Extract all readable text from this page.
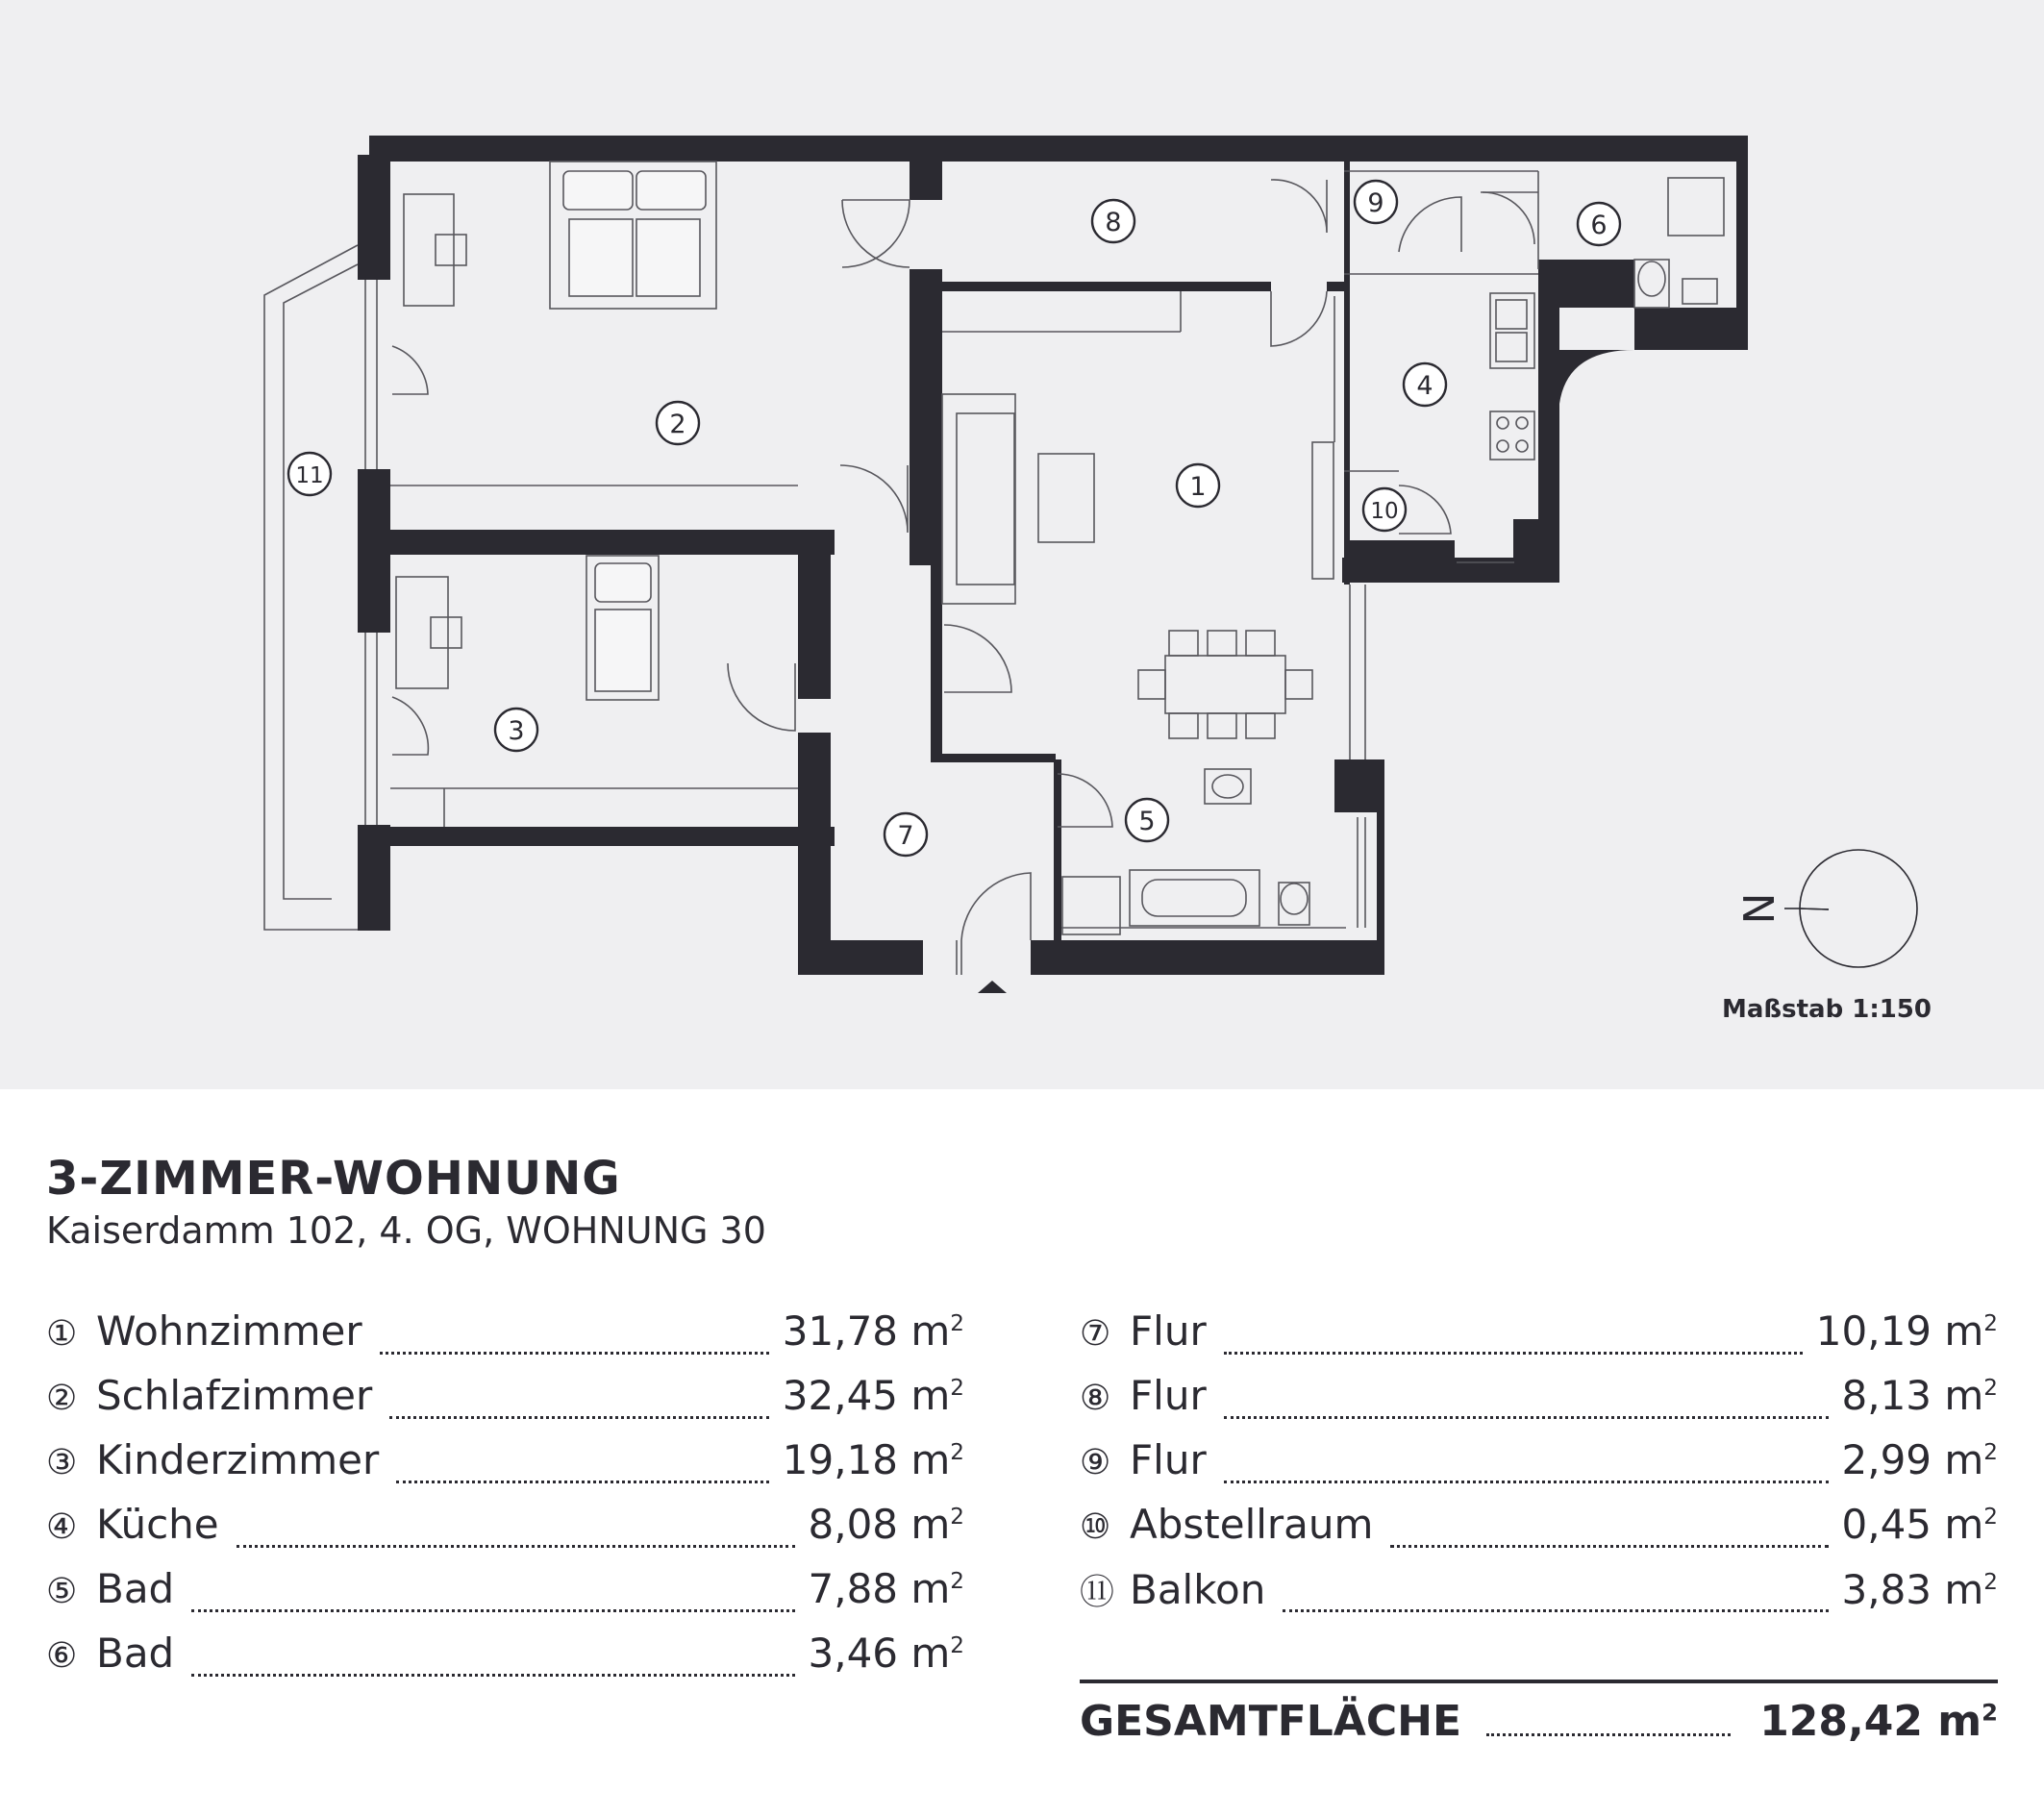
1
2
3
4
5
6
7
8
9
10
11
N
Maßstab 1:150
3-ZIMMER-WOHNUNG
Kaiserdamm 102, 4. OG, WOHNUNG 30
① Wohnzimmer	31,78 $m^2$
② Schlafzimmer	32,45 $m^2$
③ Kinderzimmer	19,18 $m^2$
④ Küche	8,08 $m^2$
⑤ Bad	7,88 $m^2$
⑥ Bad	3,46 $m^2$
⑦ Flur	10,19 $m^2$
⑧ Flur	8,13 $m^2$
⑨ Flur	2,99 $m^2$
⑩ Abstellraum	0,45 $m^2$
⑪ Balkon	3,83 $m^2$
GESAMTFLÄCHE	128,42 $m^2$
